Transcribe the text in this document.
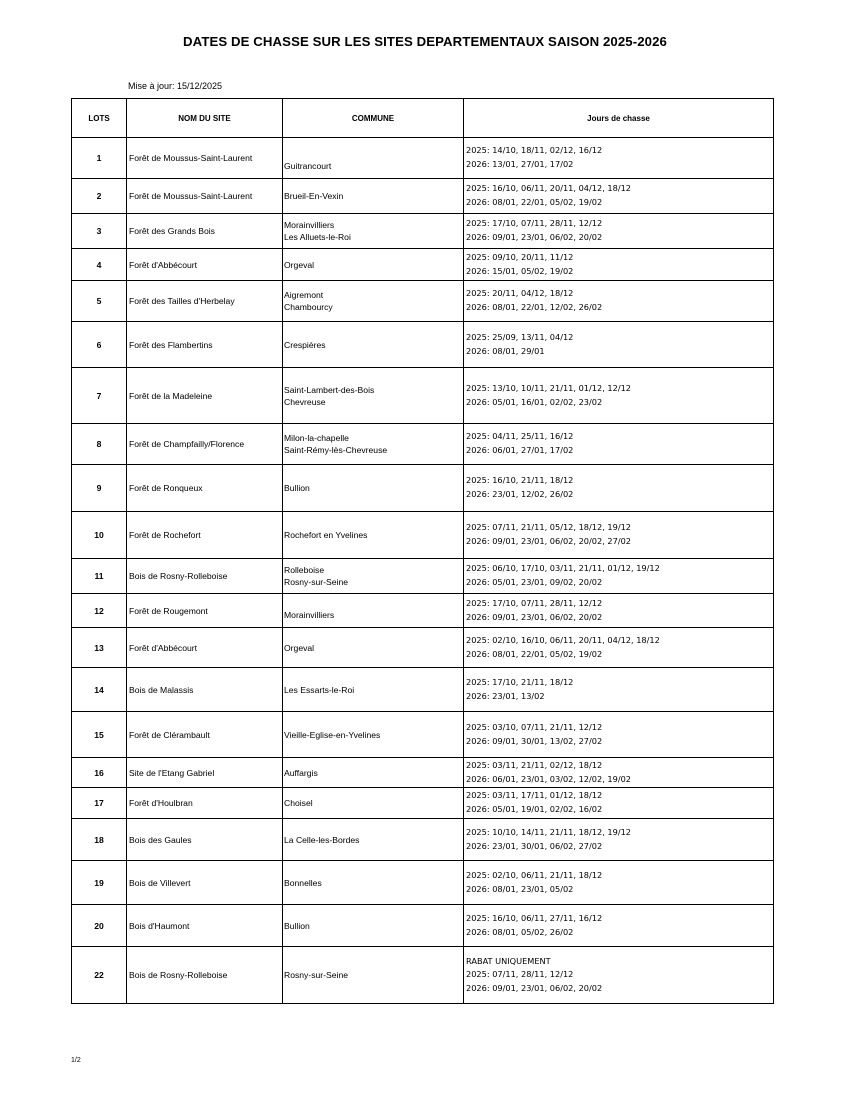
DATES DE CHASSE SUR LES SITES DEPARTEMENTAUX SAISON 2025-2026
Mise à jour: 15/12/2025
LOTS	NOM DU SITE	COMMUNE	Jours de chasse
1	Forêt de Moussus-Saint-Laurent	Guitrancourt	2025: 14/10, 18/11, 02/12, 16/12
2026: 13/01, 27/01, 17/02

2	Forêt de Moussus-Saint-Laurent	Brueil-En-Vexin	2025: 16/10, 06/11, 20/11, 04/12, 18/12
2026: 08/01, 22/01, 05/02, 19/02

3	Forêt des Grands Bois	Morainvilliers
Les Alluets-le-Roi	2025: 17/10, 07/11, 28/11, 12/12
2026: 09/01, 23/01, 06/02, 20/02

4	Forêt d'Abbécourt	Orgeval	2025: 09/10, 20/11, 11/12
2026: 15/01, 05/02, 19/02

5	Forêt des Tailles d'Herbelay	Aigremont
Chambourcy	2025: 20/11, 04/12, 18/12
2026: 08/01, 22/01, 12/02, 26/02

6	Forêt des Flambertins	Crespières	2025: 25/09, 13/11, 04/12
2026: 08/01, 29/01

7	Forêt de la Madeleine	Saint-Lambert-des-Bois
Chevreuse	2025: 13/10, 10/11, 21/11, 01/12, 12/12
2026: 05/01, 16/01, 02/02, 23/02

8	Forêt de Champfailly/Florence	Milon-la-chapelle
Saint-Rémy-lès-Chevreuse	2025: 04/11, 25/11, 16/12
2026: 06/01, 27/01, 17/02

9	Forêt de Ronqueux	Bullion	2025: 16/10, 21/11, 18/12
2026: 23/01, 12/02, 26/02

10	Forêt de Rochefort	Rochefort en Yvelines	2025: 07/11, 21/11, 05/12, 18/12, 19/12
2026: 09/01, 23/01, 06/02, 20/02, 27/02

11	Bois de Rosny-Rolleboise	Rolleboise
Rosny-sur-Seine	2025: 06/10, 17/10, 03/11, 21/11, 01/12, 19/12
2026: 05/01, 23/01, 09/02, 20/02

12	Forêt de Rougemont	Morainvilliers	2025: 17/10, 07/11, 28/11, 12/12
2026: 09/01, 23/01, 06/02, 20/02

13	Forêt d'Abbécourt	Orgeval	2025: 02/10, 16/10, 06/11, 20/11, 04/12, 18/12
2026: 08/01, 22/01, 05/02, 19/02

14	Bois de Malassis	Les Essarts-le-Roi	2025: 17/10, 21/11, 18/12
2026: 23/01, 13/02

15	Forêt de Clérambault	Vieille-Eglise-en-Yvelines	2025: 03/10, 07/11, 21/11, 12/12
2026: 09/01, 30/01, 13/02, 27/02

16	Site de l'Etang Gabriel	Auffargis	2025: 03/11, 21/11, 02/12, 18/12
2026: 06/01, 23/01, 03/02, 12/02, 19/02

17	Forêt d'Houlbran	Choisel	2025: 03/11, 17/11, 01/12, 18/12
2026: 05/01, 19/01, 02/02, 16/02

18	Bois des Gaules	La Celle-les-Bordes	2025: 10/10, 14/11, 21/11, 18/12, 19/12
2026: 23/01, 30/01, 06/02, 27/02

19	Bois de Villevert	Bonnelles	2025: 02/10, 06/11, 21/11, 18/12
2026: 08/01, 23/01, 05/02

20	Bois d'Haumont	Bullion	2025: 16/10, 06/11, 27/11, 16/12
2026: 08/01, 05/02, 26/02

22	Bois de Rosny-Rolleboise	Rosny-sur-Seine	RABAT UNIQUEMENT
2025: 07/11, 28/11, 12/12
2026: 09/01, 23/01, 06/02, 20/02
1/2
